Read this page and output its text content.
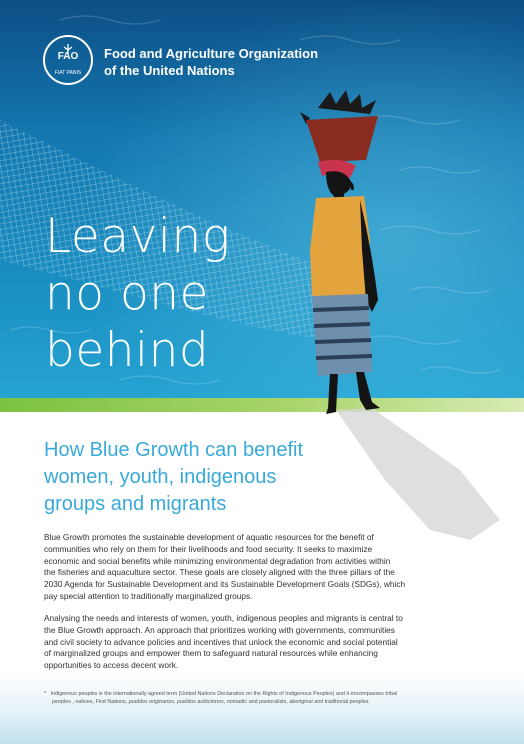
FAO
FIAT PANIS
Food and Agriculture Organization
of the United Nations
Leaving
no one
behind
How Blue Growth can benefit
women, youth, indigenous
groups and migrants
Blue Growth promotes the sustainable development of aquatic resources for the benefit of
communities who rely on them for their livelihoods and food security. It seeks to maximize
economic and social benefits while minimizing environmental degradation from activities within
the fisheries and aquaculture sector. These goals are closely aligned with the three pillars of the
2030 Agenda for Sustainable Development and its Sustainable Development Goals (SDGs), which
pay special attention to traditionally marginalized groups.
Analysing the needs and interests of women, youth, indigenous peoples and migrants is central to
the Blue Growth approach. An approach that prioritizes working with governments, communities
and civil society to advance policies and incentives that unlock the economic and social potential
of marginalized groups and empower them to safeguard natural resources while enhancing
opportunities to access decent work.
* Indigenous peoples is the internationally agreed term (United Nations Declaration on the Rights of Indigenous Peoples) and it encompasses tribal
peoples , natives, First Nations, pueblos originarios, pueblos autóctonos, nomadic and pastoralists, aboriginal and traditional peoples.
